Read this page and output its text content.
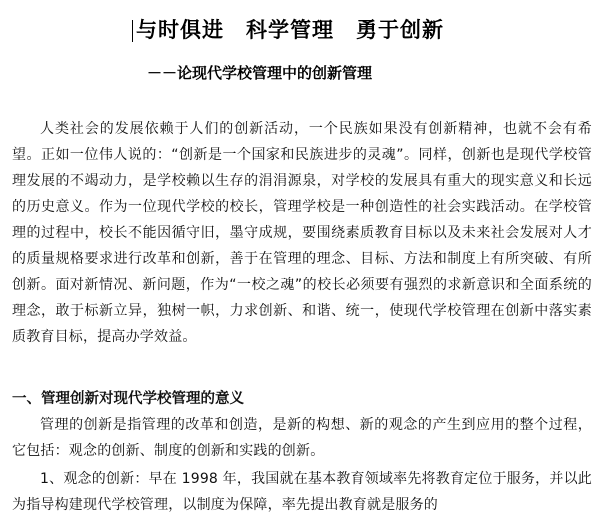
与时俱进　科学管理　勇于创新
－－论现代学校管理中的创新管理
人类社会的发展依赖于人们的创新活动，一个民族如果没有创新精神，也就不会有希望。正如一位伟人说的：“创新是一个国家和民族进步的灵魂”。同样，创新也是现代学校管理发展的不竭动力，是学校赖以生存的涓涓源泉，对学校的发展具有重大的现实意义和长远的历史意义。作为一位现代学校的校长，管理学校是一种创造性的社会实践活动。在学校管理的过程中，校长不能因循守旧，墨守成规，要围绕素质教育目标以及未来社会发展对人才的质量规格要求进行改革和创新，善于在管理的理念、目标、方法和制度上有所突破、有所创新。面对新情况、新问题，作为“一校之魂”的校长必须要有强烈的求新意识和全面系统的理念，敢于标新立异，独树一帜，力求创新、和谐、统一，使现代学校管理在创新中落实素质教育目标，提高办学效益。
一、管理创新对现代学校管理的意义
管理的创新是指管理的改革和创造，是新的构想、新的观念的产生到应用的整个过程，它包括：观念的创新、制度的创新和实践的创新。
1、观念的创新：早在 1998 年，我国就在基本教育领域率先将教育定位于服务，并以此为指导构建现代学校管理，以制度为保障，率先提出教育就是服务的
